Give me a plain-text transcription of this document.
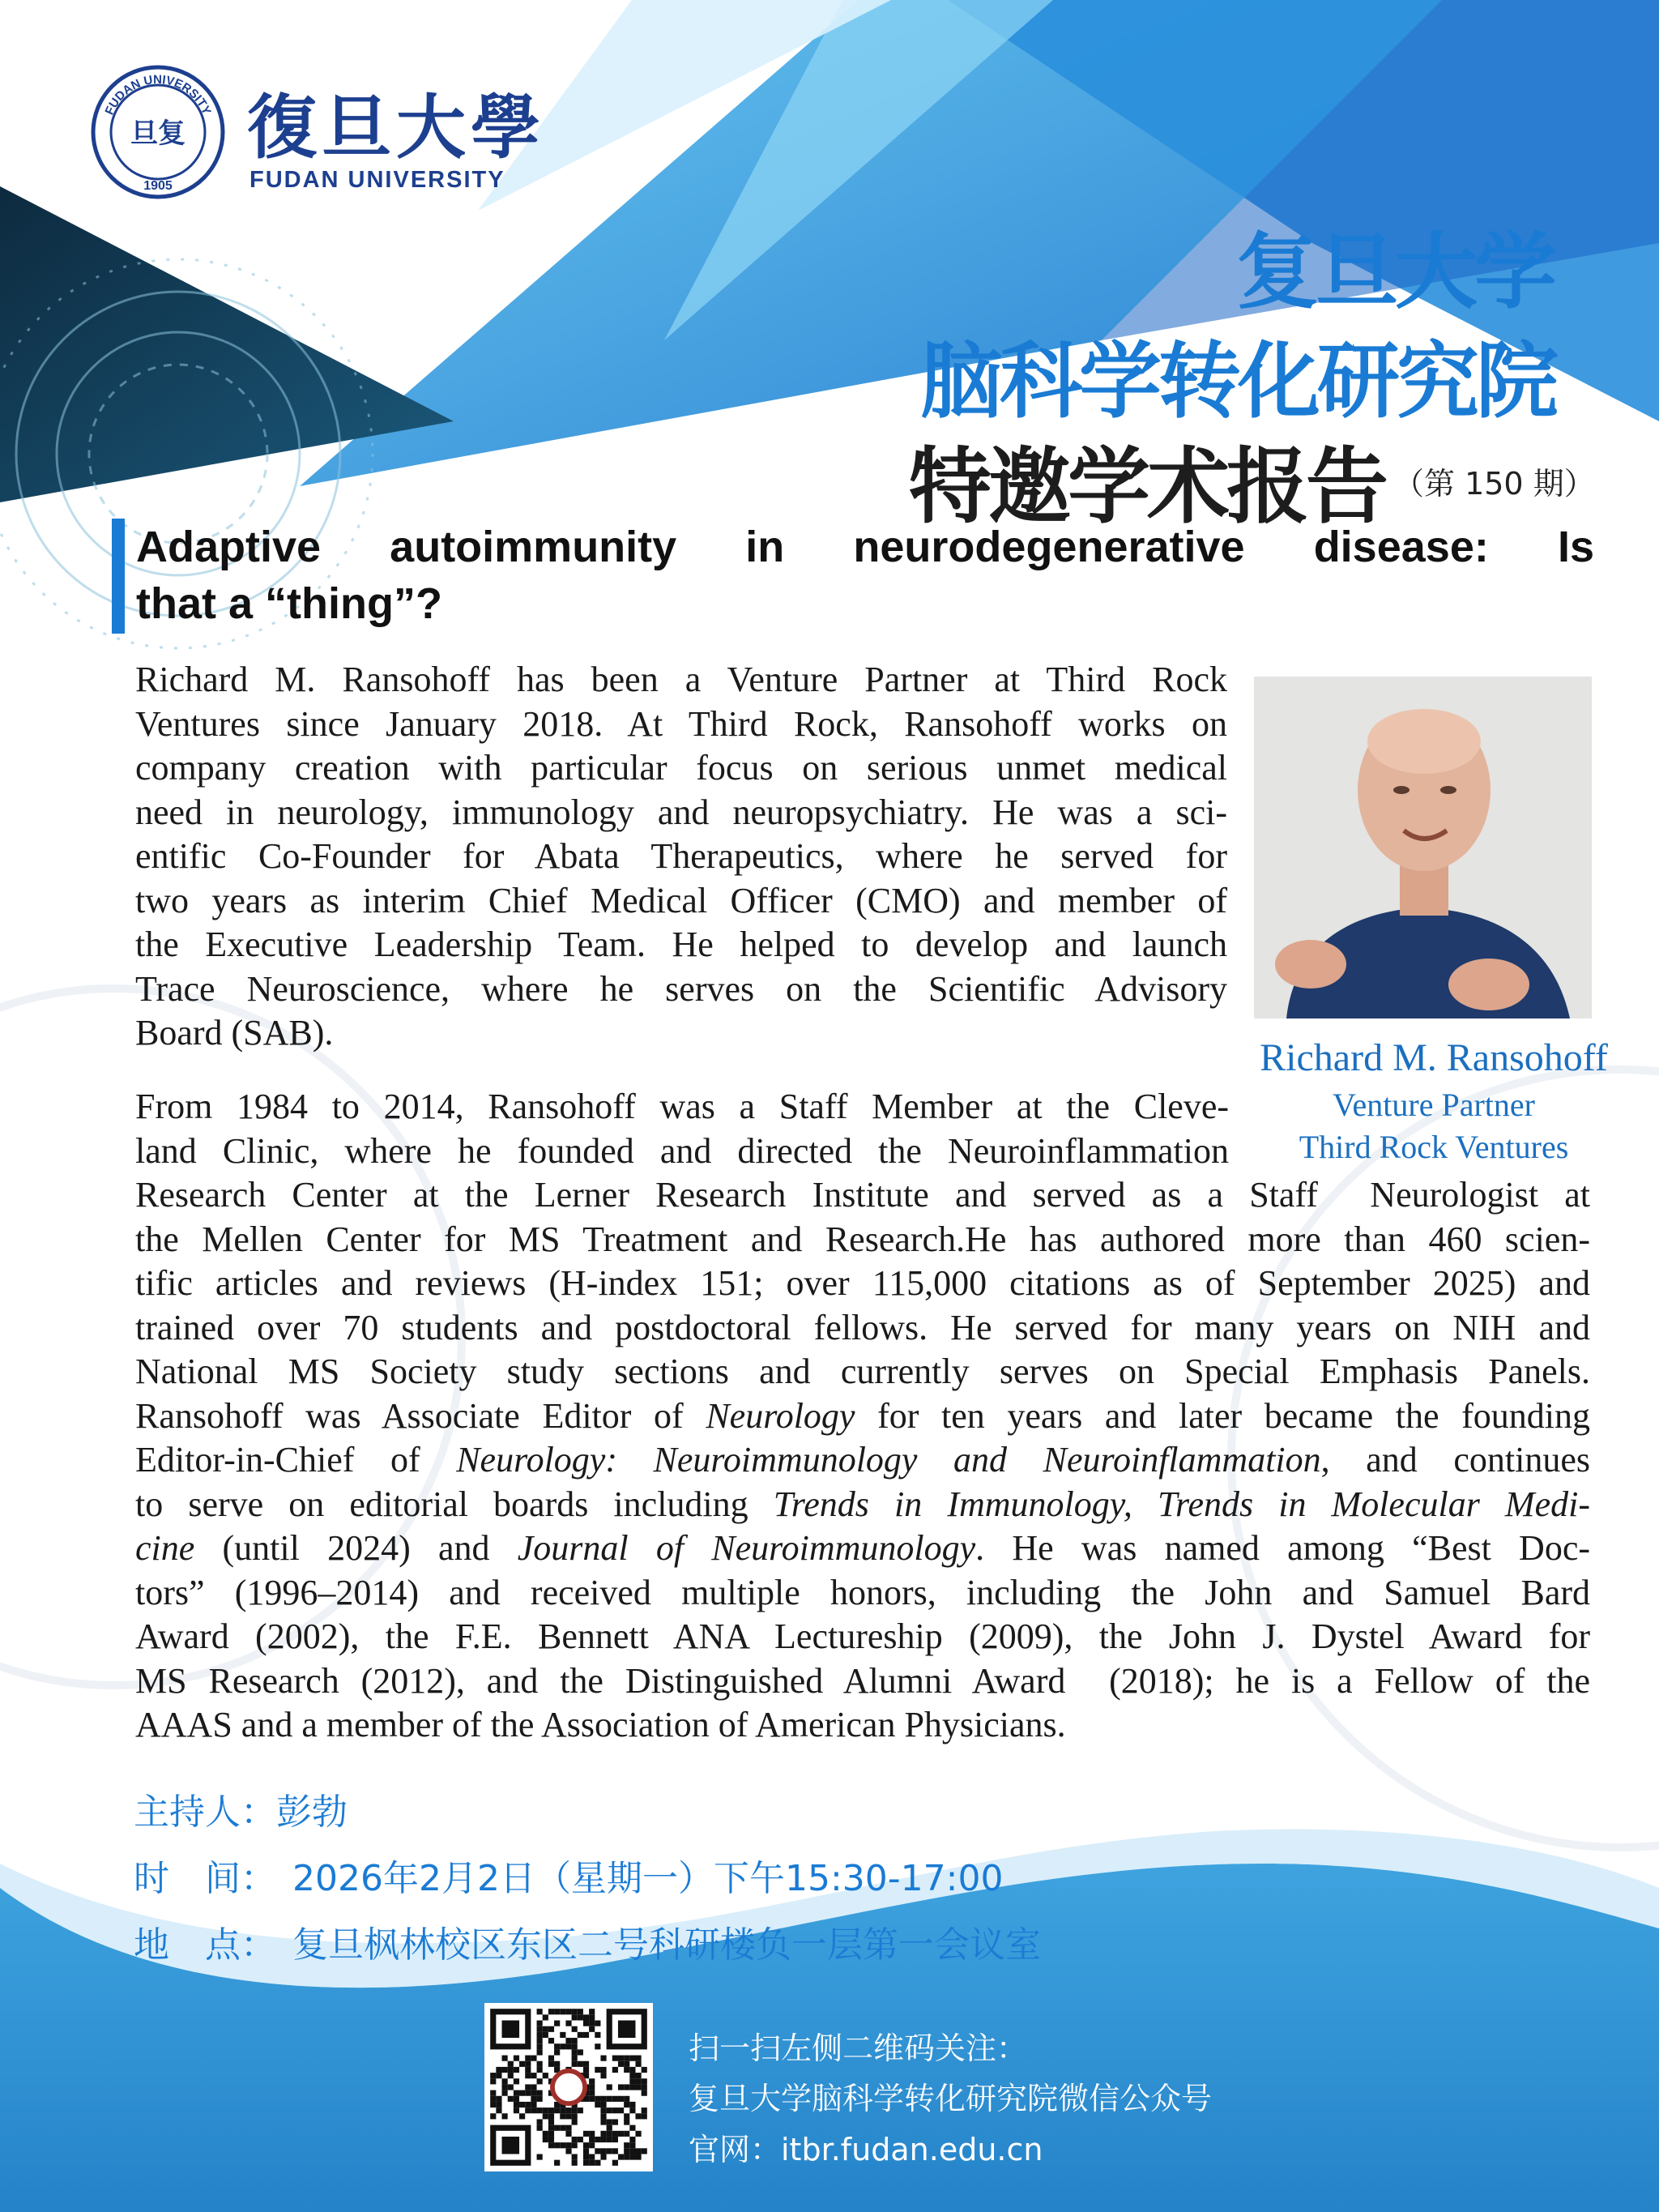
FUDAN UNIVERSITY
旦复
1905
復旦大學
FUDAN UNIVERSITY
复旦大学
脑科学转化研究院
特邀学术报告 （第 150 期）
Adaptive autoimmunity in neurodegenerative disease: Is
that a “thing”?
Richard M. Ransohoff has been a Venture Partner at Third Rock
Ventures since January 2018. At Third Rock, Ransohoff works on
company creation with particular focus on serious unmet medical
need in neurology, immunology and neuropsychiatry. He was a sci-
entific Co-Founder for Abata Therapeutics, where he served for
two years as interim Chief Medical Officer (CMO) and member of
the Executive Leadership Team. He helped to develop and launch
Trace Neuroscience, where he serves on the Scientific Advisory
Board (SAB).
Richard M. Ransohoff
Venture Partner
Third Rock Ventures
From 1984 to 2014, Ransohoff was a Staff Member at the Cleve-
land Clinic, where he founded and directed the Neuroinflammation
Research Center at the Lerner Research Institute and served as a Staff  Neurologist at
the Mellen Center for MS Treatment and Research.He has authored more than 460 scien-
tific articles and reviews (H-index 151; over 115,000 citations as of September 2025) and
trained over 70 students and postdoctoral fellows. He served for many years on NIH and
National MS Society study sections and currently serves on Special Emphasis Panels.
Ransohoff was Associate Editor of Neurology for ten years and later became the founding
Editor-in-Chief of Neurology: Neuroimmunology and Neuroinflammation, and continues
to serve on editorial boards including Trends in Immunology, Trends in Molecular Medi-
cine (until 2024) and Journal of Neuroimmunology. He was named among “Best Doc-
tors” (1996–2014) and received multiple honors, including the John and Samuel Bard
Award (2002), the F.E. Bennett ANA Lectureship (2009), the John J. Dystel Award for
MS Research (2012), and the Distinguished Alumni Award  (2018); he is a Fellow of the
AAAS and a member of the Association of American Physicians.
主持人：彭勃
时　间： 2026年2月2日（星期一）下午15:30-17:00
地　点： 复旦枫林校区东区二号科研楼负一层第一会议室
扫一扫左侧二维码关注：
复旦大学脑科学转化研究院微信公众号
官网：itbr.fudan.edu.cn
